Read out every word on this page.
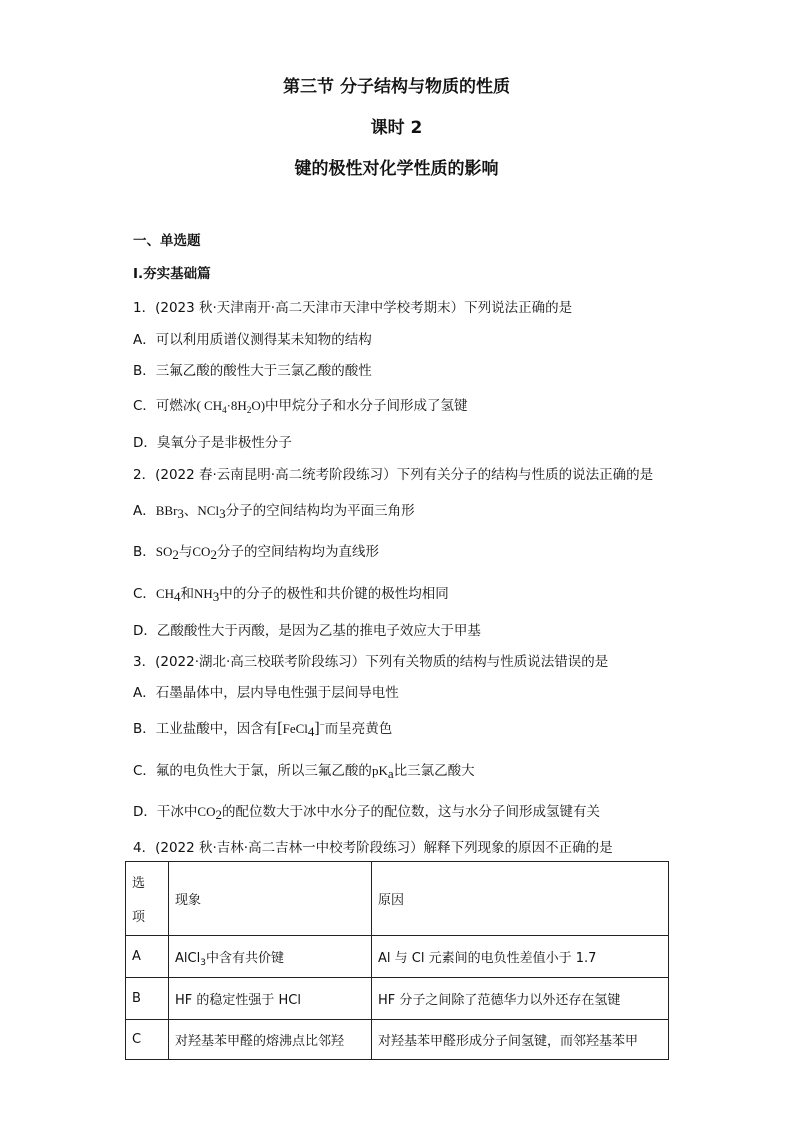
第三节 分子结构与物质的性质
课时 2
键的极性对化学性质的影响
一、单选题
Ⅰ.夯实基础篇
1．(2023 秋·天津南开·高二天津市天津中学校考期末）下列说法正确的是
A．可以利用质谱仪测得某未知物的结构
B．三氟乙酸的酸性大于三氯乙酸的酸性
C．可燃冰( $CH_4\cdot 8H_2O$)中甲烷分子和水分子间形成了氢键
D．臭氧分子是非极性分子
2．(2022 春·云南昆明·高二统考阶段练习）下列有关分子的结构与性质的说法正确的是
A．BBr$_3$、NCl$_3$分子的空间结构均为平面三角形
B．$SO_2$与$CO_2$分子的空间结构均为直线形
C．$CH_4$和$NH_3$中的分子的极性和共价键的极性均相同
D．乙酸酸性大于丙酸，是因为乙基的推电子效应大于甲基
3．(2022·湖北·高三校联考阶段练习）下列有关物质的结构与性质说法错误的是
A．石墨晶体中，层内导电性强于层间导电性
B．工业盐酸中，因含有[FeCl$_4$]−而呈亮黄色
C．氟的电负性大于氯，所以三氟乙酸的$pK_a$比三氯乙酸大
D．干冰中$CO_2$的配位数大于冰中水分子的配位数，这与水分子间形成氢键有关
4．(2022 秋·吉林·高二吉林一中校考阶段练习）解释下列现象的原因不正确的是
选

项	现象	原因
A	AlCl$_3$中含有共价键	Al 与 Cl 元素间的电负性差值小于 1.7
B	HF 的稳定性强于 HCl	HF 分子之间除了范德华力以外还存在氢键
C	对羟基苯甲醛的熔沸点比邻羟	对羟基苯甲醛形成分子间氢键，而邻羟基苯甲
